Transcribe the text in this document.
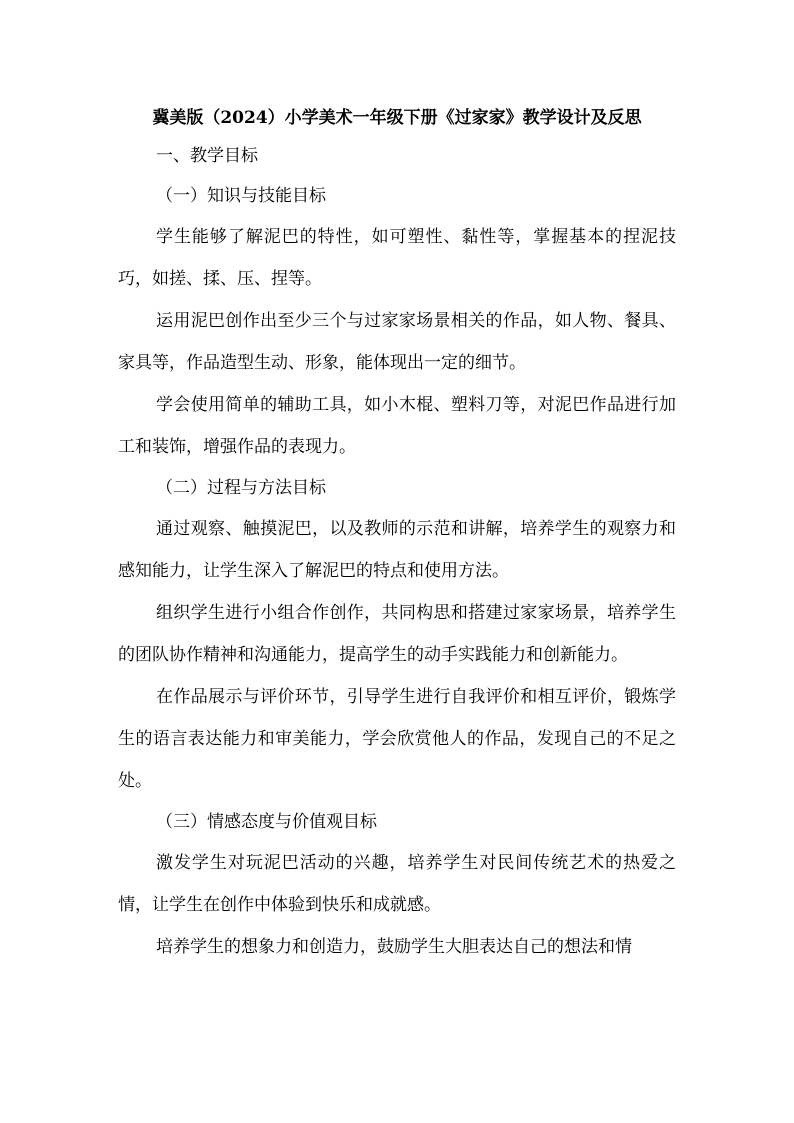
冀美版（2024）小学美术一年级下册《过家家》教学设计及反思

一、教学目标

（一）知识与技能目标

学生能够了解泥巴的特性，如可塑性、黏性等，掌握基本的捏泥技巧，如搓、揉、压、捏等。

运用泥巴创作出至少三个与过家家场景相关的作品，如人物、餐具、家具等，作品造型生动、形象，能体现出一定的细节。

学会使用简单的辅助工具，如小木棍、塑料刀等，对泥巴作品进行加工和装饰，增强作品的表现力。

（二）过程与方法目标

通过观察、触摸泥巴，以及教师的示范和讲解，培养学生的观察力和感知能力，让学生深入了解泥巴的特点和使用方法。

组织学生进行小组合作创作，共同构思和搭建过家家场景，培养学生的团队协作精神和沟通能力，提高学生的动手实践能力和创新能力。

在作品展示与评价环节，引导学生进行自我评价和相互评价，锻炼学生的语言表达能力和审美能力，学会欣赏他人的作品，发现自己的不足之处。

（三）情感态度与价值观目标

激发学生对玩泥巴活动的兴趣，培养学生对民间传统艺术的热爱之情，让学生在创作中体验到快乐和成就感。

培养学生的想象力和创造力，鼓励学生大胆表达自己的想法和情
